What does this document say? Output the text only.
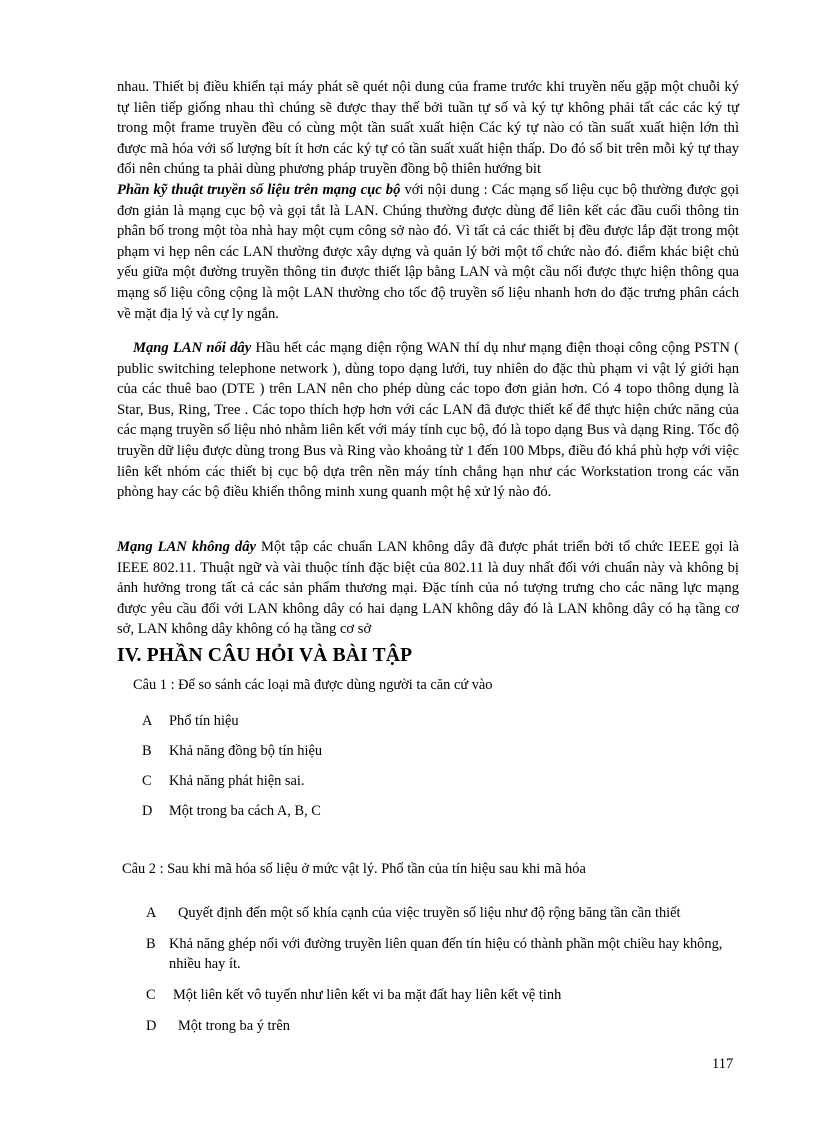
nhau. Thiết bị điều khiển tại máy phát sẽ quét nội dung của frame trước khi truyền nếu gặp một chuỗi ký tự liên tiếp giống nhau thì chúng sẽ được thay thế bởi tuần tự số và ký tự không phải tất các các ký tự trong một frame truyền đều có cùng một tần suất xuất hiện Các ký tự nào có tần suất xuất hiện lớn thì được mã hóa với số lượng bít ít hơn các ký tự có tần suất xuất hiện thấp. Do đó số bit trên mỗi ký tự thay đổi nên chúng ta phải dùng phương pháp truyền đồng bộ thiên hướng bit

Phần kỹ thuật truyền số liệu trên mạng cục bộ với nội dung : Các mạng số liệu cục bộ thường được gọi đơn giản là mạng cục bộ và gọi tắt là LAN. Chúng thường được dùng để liên kết các đầu cuối thông tin phân bố trong một tòa nhà hay một cụm công sở nào đó. Vì tất cả các thiết bị đều được lắp đặt trong một phạm vi hẹp nên các LAN thường được xây dựng và quản lý bởi một tổ chức nào đó. điểm khác biệt chủ yếu giữa một đường truyền thông tin được thiết lập bằng LAN và một cầu nối được thực hiện thông qua mạng số liệu công cộng là một LAN thường cho tốc độ truyền số liệu nhanh hơn do đặc trưng phân cách về mặt địa lý và cự ly ngắn.

Mạng LAN nối dây Hầu hết các mạng diện rộng WAN thí dụ như mạng điện thoại công cộng PSTN ( public switching telephone network ), dùng topo dạng lưới, tuy nhiên do đặc thù phạm vi vật lý giới hạn của các thuê bao (DTE ) trên LAN nên cho phép dùng các topo đơn giản hơn. Có 4 topo thông dụng là Star, Bus, Ring, Tree . Các topo thích hợp hơn với các LAN đã được thiết kế để thực hiện chức năng của các mạng truyền số liệu nhỏ nhằm liên kết với máy tính cục bộ, đó là topo dạng Bus và dạng Ring. Tốc độ truyền dữ liệu được dùng trong Bus và Ring vào khoảng từ 1 đến 100 Mbps, điều đó khá phù hợp với việc liên kết nhóm các thiết bị cục bộ dựa trên nền máy tính chẳng hạn như các Workstation trong các văn phòng hay các bộ điều khiển thông minh xung quanh một hệ xử lý nào đó.

Mạng LAN không dây Một tập các chuẩn LAN không dây đã được phát triển bởi tổ chức IEEE gọi là IEEE 802.11. Thuật ngữ và vài thuộc tính đặc biệt của 802.11 là duy nhất đối với chuẩn này và không bị ảnh hưởng trong tất cả các sản phẩm thương mại. Đặc tính của nó tượng trưng cho các năng lực mạng được yêu cầu đối với LAN không dây có hai dạng LAN không dây đó là LAN không dây có hạ tầng cơ sở, LAN không dây không có hạ tầng cơ sở

IV. PHẦN CÂU HỎI VÀ BÀI TẬP

Câu 1 : Để so sánh các loại mã được dùng người ta căn cứ vào

A Phổ tín hiệu
B Khả năng đồng bộ tín hiệu
C Khả năng phát hiện sai.
D Một trong ba cách A, B, C

Câu 2 : Sau khi mã hóa số liệu ở mức vật lý. Phổ tần của tín hiệu sau khi mã hóa

A Quyết định đến một số khía cạnh của việc truyền số liệu như độ rộng băng tần cần thiết
B Khả năng ghép nối với đường truyền liên quan đến tín hiệu có thành phần một chiều hay không, nhiều hay ít.
C Một liên kết vô tuyến như liên kết vi ba mặt đất hay liên kết vệ tinh
D Một trong ba ý trên
117
